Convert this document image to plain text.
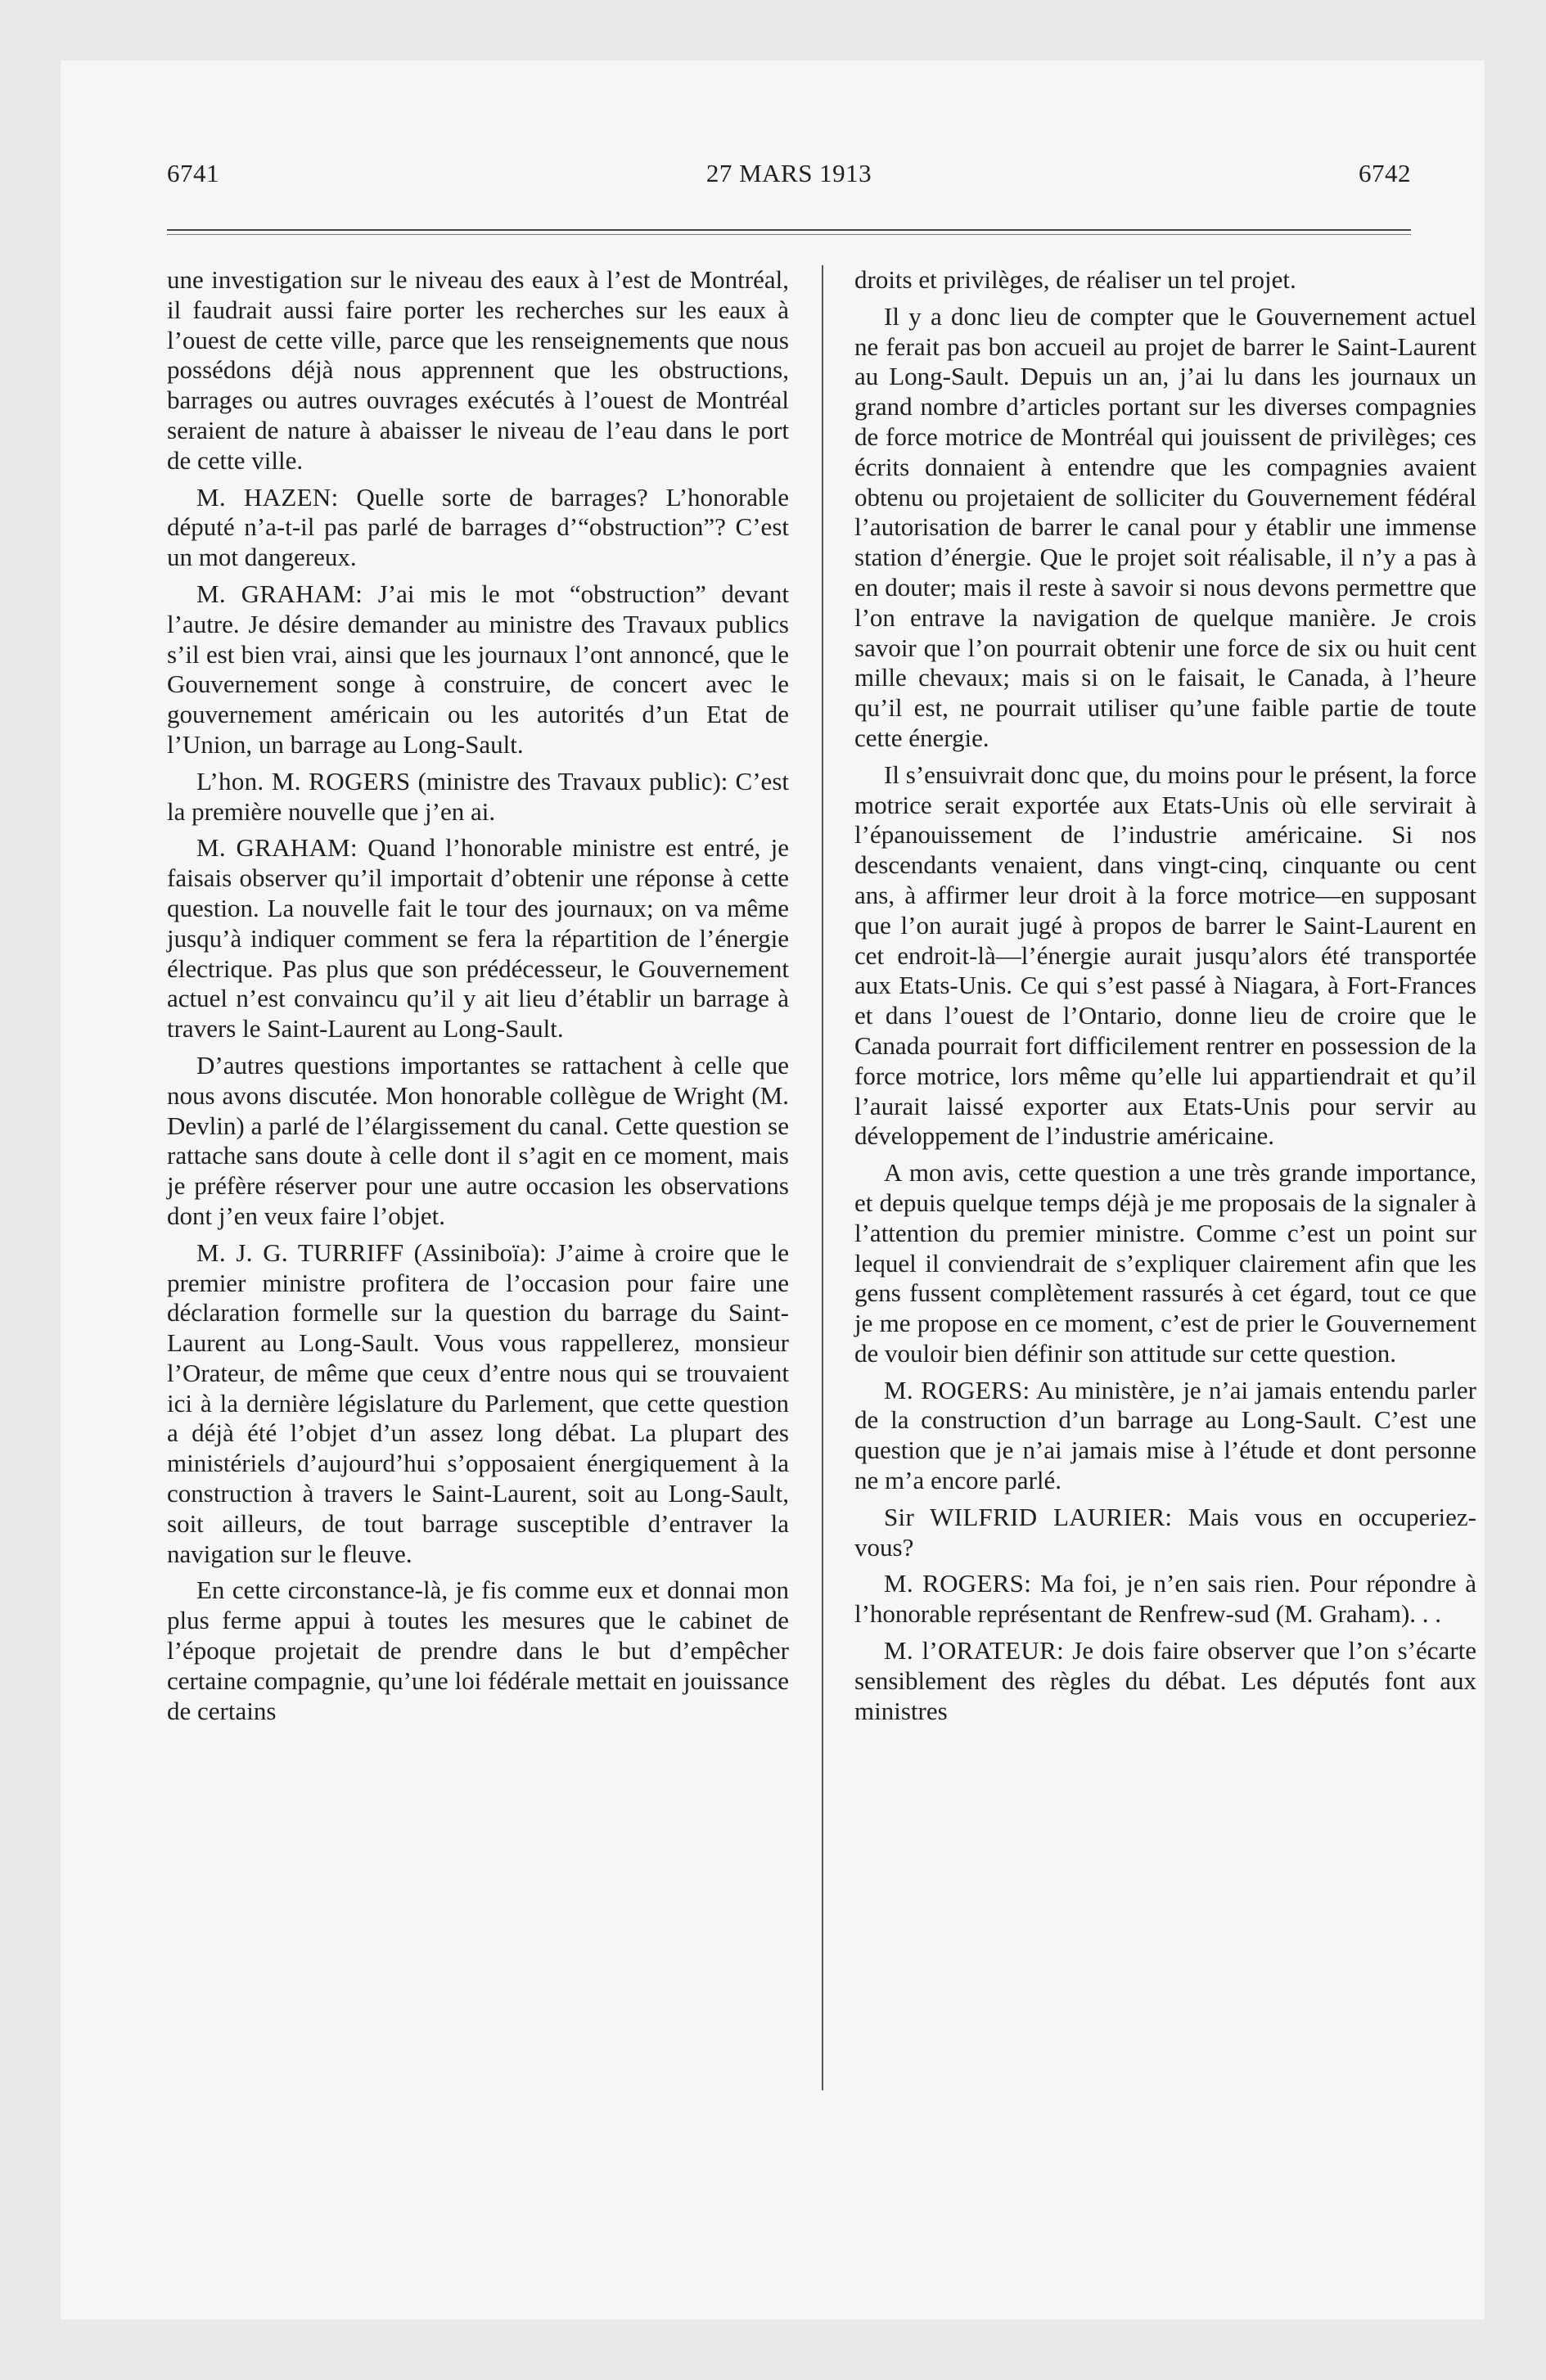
6741	27 MARS 1913	6742

une investigation sur le niveau des eaux à l’est de Montréal, il faudrait aussi faire porter les recherches sur les eaux à l’ouest de cette ville, parce que les renseignements que nous possédons déjà nous apprennent que les obstructions, barrages ou autres ouvrages exécutés à l’ouest de Montréal seraient de nature à abaisser le niveau de l’eau dans le port de cette ville.

M. HAZEN: Quelle sorte de barrages? L’honorable député n’a-t-il pas parlé de barrages d’“obstruction”? C’est un mot dangereux.

M. GRAHAM: J’ai mis le mot “obstruction” devant l’autre. Je désire demander au ministre des Travaux publics s’il est bien vrai, ainsi que les journaux l’ont annoncé, que le Gouvernement songe à construire, de concert avec le gouvernement américain ou les autorités d’un Etat de l’Union, un barrage au Long-Sault.

L’hon. M. ROGERS (ministre des Travaux public): C’est la première nouvelle que j’en ai.

M. GRAHAM: Quand l’honorable ministre est entré, je faisais observer qu’il importait d’obtenir une réponse à cette question. La nouvelle fait le tour des journaux; on va même jusqu’à indiquer comment se fera la répartition de l’énergie électrique. Pas plus que son prédécesseur, le Gouvernement actuel n’est convaincu qu’il y ait lieu d’établir un barrage à travers le Saint-Laurent au Long-Sault.

D’autres questions importantes se rattachent à celle que nous avons discutée. Mon honorable collègue de Wright (M. Devlin) a parlé de l’élargissement du canal. Cette question se rattache sans doute à celle dont il s’agit en ce moment, mais je préfère réserver pour une autre occasion les observations dont j’en veux faire l’objet.

M. J. G. TURRIFF (Assiniboïa): J’aime à croire que le premier ministre profitera de l’occasion pour faire une déclaration formelle sur la question du barrage du Saint-Laurent au Long-Sault. Vous vous rappellerez, monsieur l’Orateur, de même que ceux d’entre nous qui se trouvaient ici à la dernière législature du Parlement, que cette question a déjà été l’objet d’un assez long débat. La plupart des ministériels d’aujourd’hui s’opposaient énergiquement à la construction à travers le Saint-Laurent, soit au Long-Sault, soit ailleurs, de tout barrage susceptible d’entraver la navigation sur le fleuve.

En cette circonstance-là, je fis comme eux et donnai mon plus ferme appui à toutes les mesures que le cabinet de l’époque projetait de prendre dans le but d’empêcher certaine compagnie, qu’une loi fédérale mettait en jouissance de certains

droits et privilèges, de réaliser un tel projet.

Il y a donc lieu de compter que le Gouvernement actuel ne ferait pas bon accueil au projet de barrer le Saint-Laurent au Long-Sault. Depuis un an, j’ai lu dans les journaux un grand nombre d’articles portant sur les diverses compagnies de force motrice de Montréal qui jouissent de privilèges; ces écrits donnaient à entendre que les compagnies avaient obtenu ou projetaient de solliciter du Gouvernement fédéral l’autorisation de barrer le canal pour y établir une immense station d’énergie. Que le projet soit réalisable, il n’y a pas à en douter; mais il reste à savoir si nous devons permettre que l’on entrave la navigation de quelque manière. Je crois savoir que l’on pourrait obtenir une force de six ou huit cent mille chevaux; mais si on le faisait, le Canada, à l’heure qu’il est, ne pourrait utiliser qu’une faible partie de toute cette énergie.

Il s’ensuivrait donc que, du moins pour le présent, la force motrice serait exportée aux Etats-Unis où elle servirait à l’épanouissement de l’industrie américaine. Si nos descendants venaient, dans vingt-cinq, cinquante ou cent ans, à affirmer leur droit à la force motrice—en supposant que l’on aurait jugé à propos de barrer le Saint-Laurent en cet endroit-là—l’énergie aurait jusqu’alors été transportée aux Etats-Unis. Ce qui s’est passé à Niagara, à Fort-Frances et dans l’ouest de l’Ontario, donne lieu de croire que le Canada pourrait fort difficilement rentrer en possession de la force motrice, lors même qu’elle lui appartiendrait et qu’il l’aurait laissé exporter aux Etats-Unis pour servir au développement de l’industrie américaine.

A mon avis, cette question a une très grande importance, et depuis quelque temps déjà je me proposais de la signaler à l’attention du premier ministre. Comme c’est un point sur lequel il conviendrait de s’expliquer clairement afin que les gens fussent complètement rassurés à cet égard, tout ce que je me propose en ce moment, c’est de prier le Gouvernement de vouloir bien définir son attitude sur cette question.

M. ROGERS: Au ministère, je n’ai jamais entendu parler de la construction d’un barrage au Long-Sault. C’est une question que je n’ai jamais mise à l’étude et dont personne ne m’a encore parlé.

Sir WILFRID LAURIER: Mais vous en occuperiez-vous?

M. ROGERS: Ma foi, je n’en sais rien. Pour répondre à l’honorable représentant de Renfrew-sud (M. Graham). . .

M. l’ORATEUR: Je dois faire observer que l’on s’écarte sensiblement des règles du débat. Les députés font aux ministres
